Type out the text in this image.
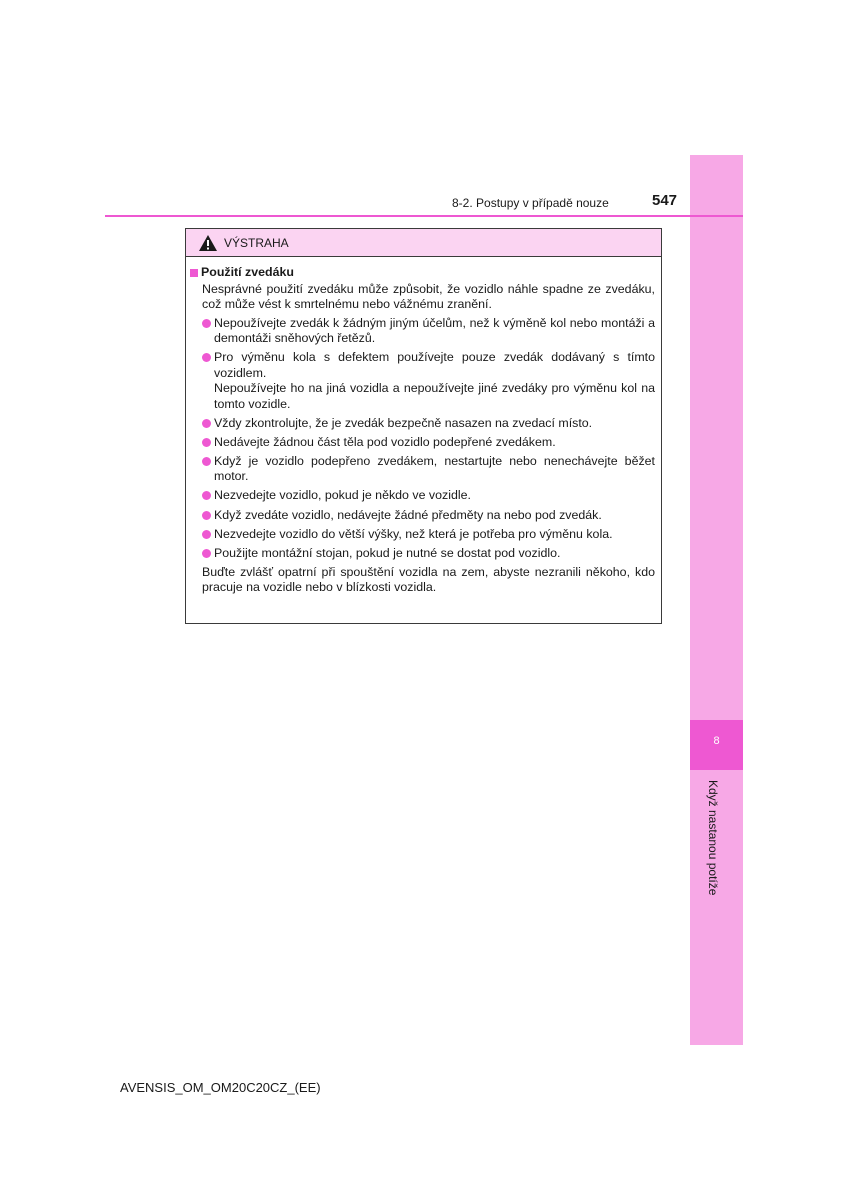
8
Když nastanou potíže
8-2. Postupy v případě nouze	547
VÝSTRAHA
Použití zvedáku
Nesprávné použití zvedáku může způsobit, že vozidlo náhle spadne ze zvedáku, což může vést k smrtelnému nebo vážnému zranění.
Nepoužívejte zvedák k žádným jiným účelům, než k výměně kol nebo montáži a demontáži sněhových řetězů.
Pro výměnu kola s defektem používejte pouze zvedák dodávaný s tímto vozidlem.
Nepoužívejte ho na jiná vozidla a nepoužívejte jiné zvedáky pro výměnu kol na tomto vozidle.
Vždy zkontrolujte, že je zvedák bezpečně nasazen na zvedací místo.
Nedávejte žádnou část těla pod vozidlo podepřené zvedákem.
Když je vozidlo podepřeno zvedákem, nestartujte nebo nenechávejte běžet motor.
Nezvedejte vozidlo, pokud je někdo ve vozidle.
Když zvedáte vozidlo, nedávejte žádné předměty na nebo pod zvedák.
Nezvedejte vozidlo do větší výšky, než která je potřeba pro výměnu kola.
Použijte montážní stojan, pokud je nutné se dostat pod vozidlo.
Buďte zvlášť opatrní při spouštění vozidla na zem, abyste nezranili někoho, kdo pracuje na vozidle nebo v blízkosti vozidla.
AVENSIS_OM_OM20C20CZ_(EE)
